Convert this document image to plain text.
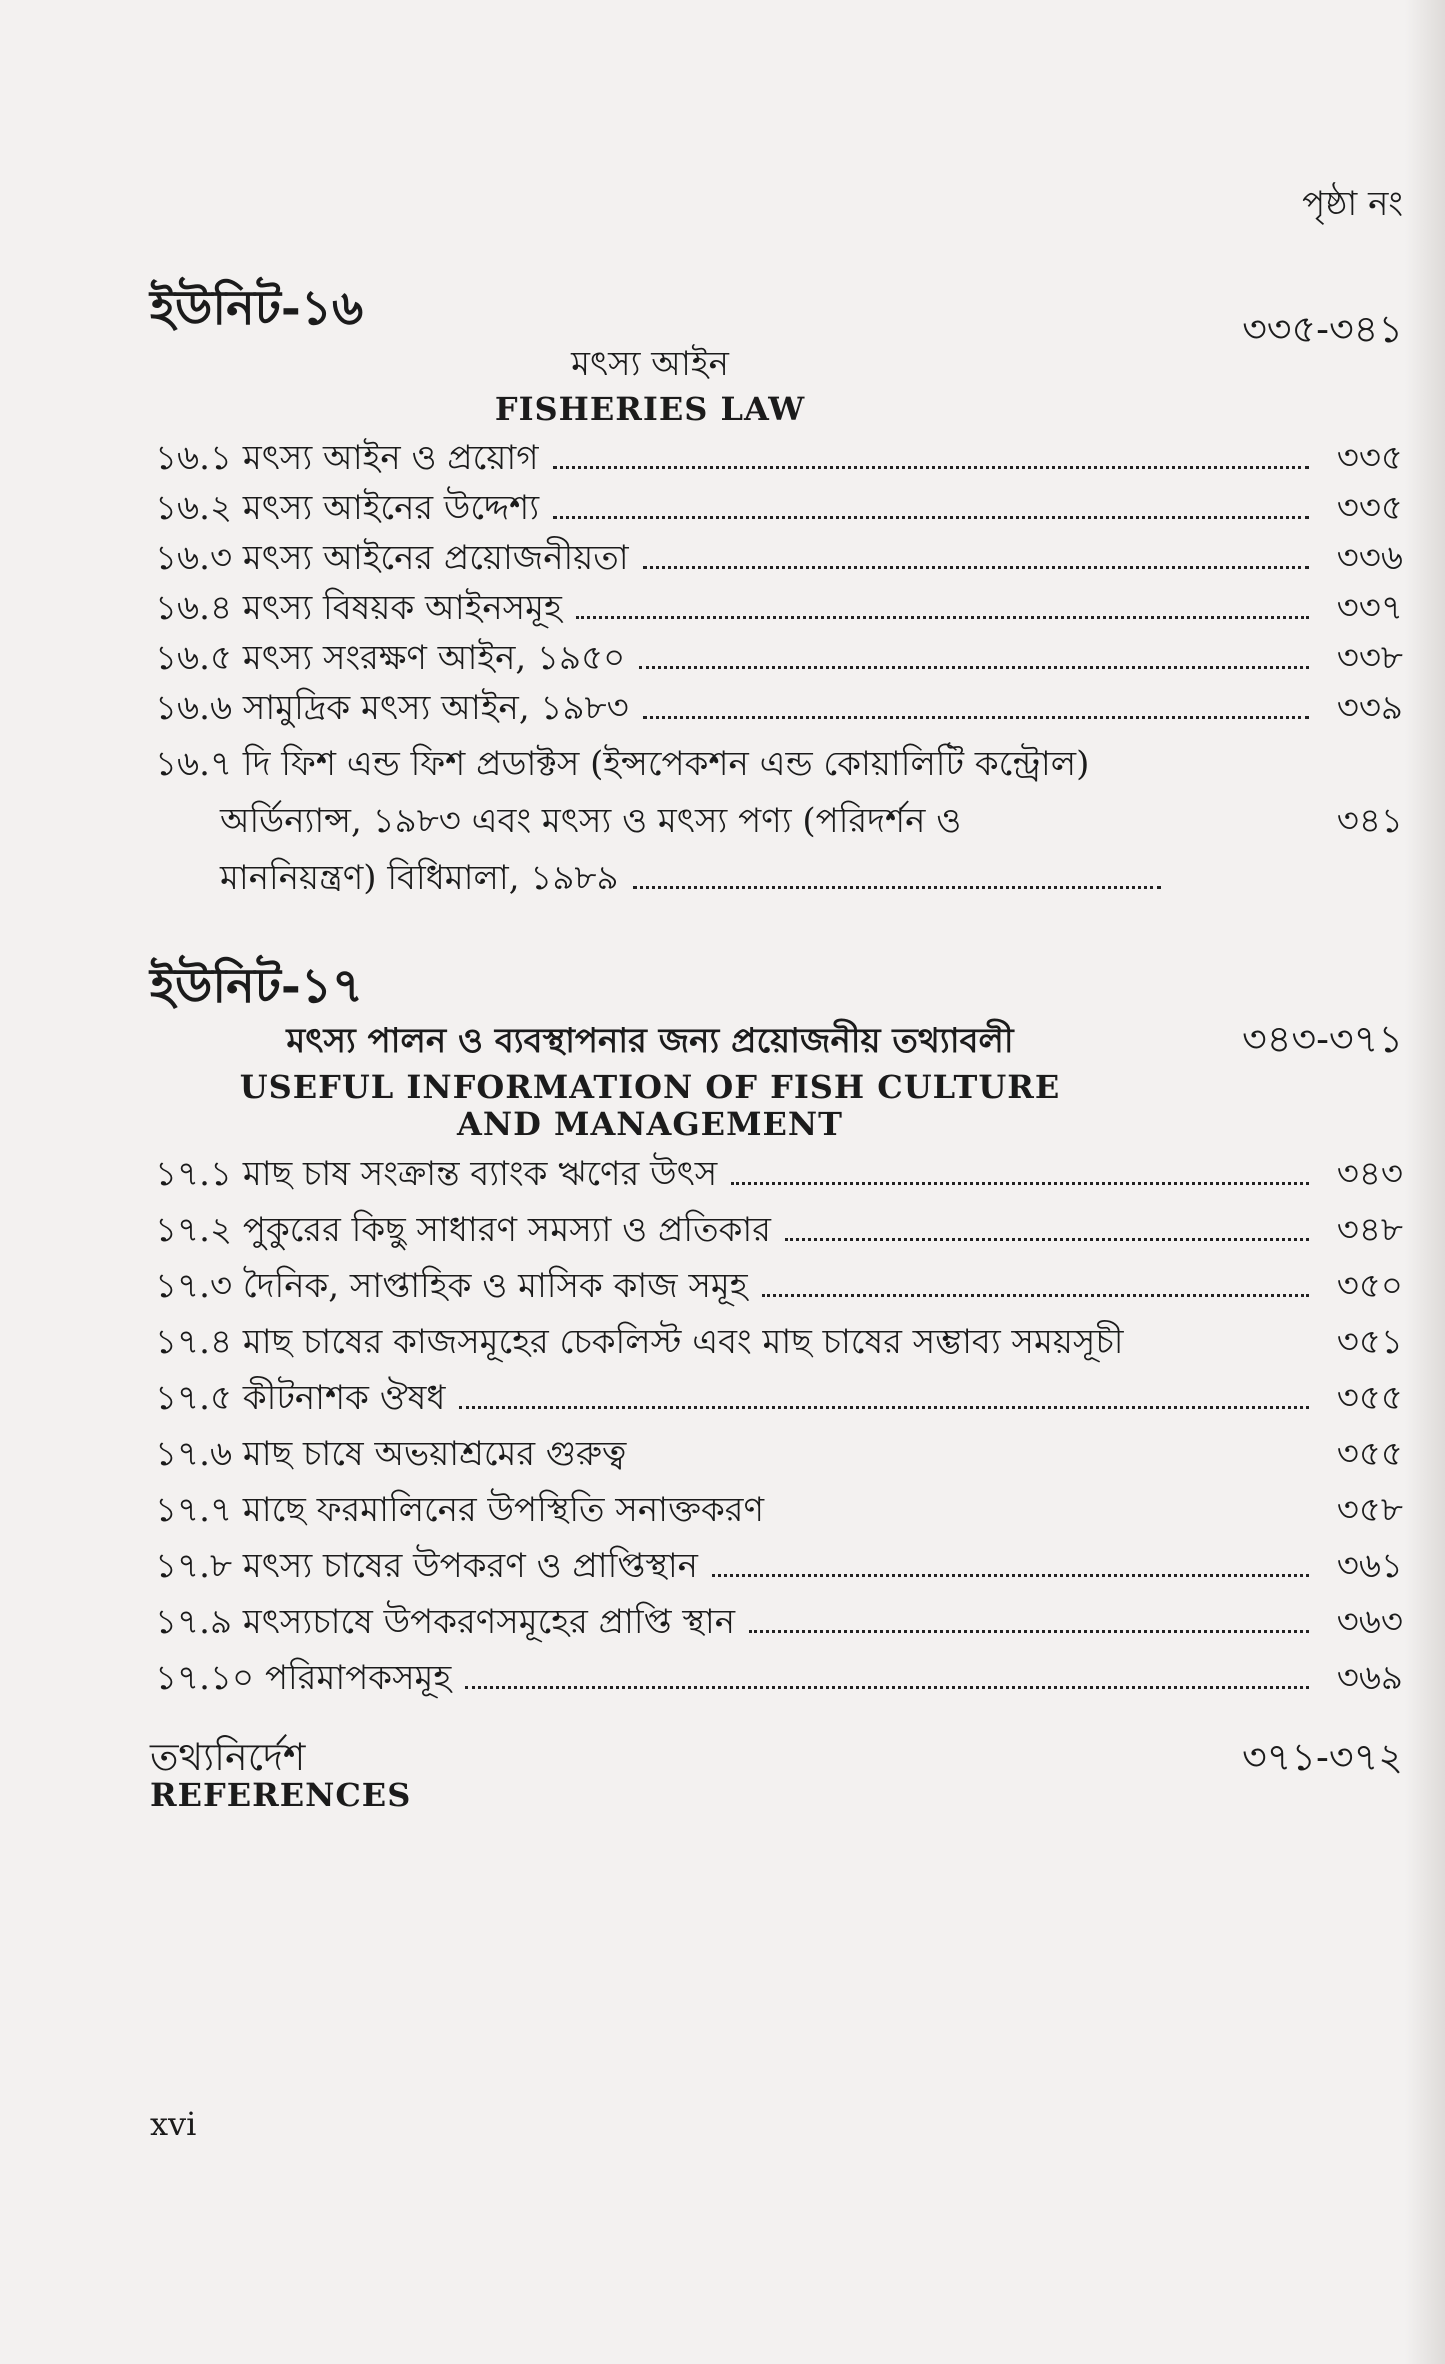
পৃষ্ঠা নং
ইউনিট-১৬	৩৩৫-৩৪১
মৎস্য আইন
FISHERIES LAW
১৬.১ মৎস্য আইন ও প্রয়োগ	৩৩৫
১৬.২ মৎস্য আইনের উদ্দেশ্য	৩৩৫
১৬.৩ মৎস্য আইনের প্রয়োজনীয়তা	৩৩৬
১৬.৪ মৎস্য বিষয়ক আইনসমূহ	৩৩৭
১৬.৫ মৎস্য সংরক্ষণ আইন, ১৯৫০	৩৩৮
১৬.৬ সামুদ্রিক মৎস্য আইন, ১৯৮৩	৩৩৯
১৬.৭ দি ফিশ এন্ড ফিশ প্রডাক্টস (ইন্সপেকশন এন্ড কোয়ালিটি কন্ট্রোল)
অর্ডিন্যান্স, ১৯৮৩ এবং মৎস্য ও মৎস্য পণ্য (পরিদর্শন ও	৩৪১
মাননিয়ন্ত্রণ) বিধিমালা, ১৯৮৯
ইউনিট-১৭
মৎস্য পালন ও ব্যবস্থাপনার জন্য প্রয়োজনীয় তথ্যাবলী	৩৪৩-৩৭১
USEFUL INFORMATION OF FISH CULTURE
AND MANAGEMENT
১৭.১ মাছ চাষ সংক্রান্ত ব্যাংক ঋণের উৎস	৩৪৩
১৭.২ পুকুরের কিছু সাধারণ সমস্যা ও প্রতিকার	৩৪৮
১৭.৩ দৈনিক, সাপ্তাহিক ও মাসিক কাজ সমূহ	৩৫০
১৭.৪ মাছ চাষের কাজসমূহের চেকলিস্ট এবং মাছ চাষের সম্ভাব্য সময়সূচী	৩৫১
১৭.৫ কীটনাশক ঔষধ	৩৫৫
১৭.৬ মাছ চাষে অভয়াশ্রমের গুরুত্ব	৩৫৫
১৭.৭ মাছে ফরমালিনের উপস্থিতি সনাক্তকরণ	৩৫৮
১৭.৮ মৎস্য চাষের উপকরণ ও প্রাপ্তিস্থান	৩৬১
১৭.৯ মৎস্যচাষে উপকরণসমূহের প্রাপ্তি স্থান	৩৬৩
১৭.১০ পরিমাপকসমূহ	৩৬৯
তথ্যনির্দেশ	৩৭১-৩৭২
REFERENCES
xvi
